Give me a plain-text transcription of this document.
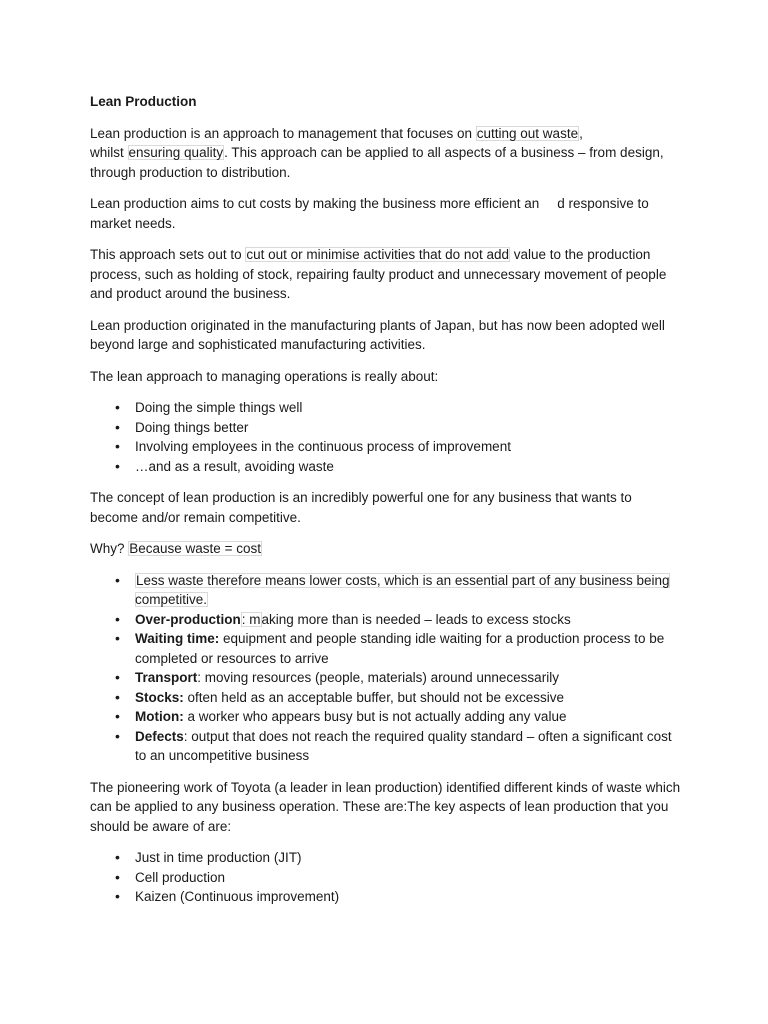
Lean Production

Lean production is an approach to management that focuses on cutting out waste,
whilst ensuring quality. This approach can be applied to all aspects of a business – from design, through production to distribution.

Lean production aims to cut costs by making the business more efficient an d responsive to market needs.

This approach sets out to cut out or minimise activities that do not add value to the production process, such as holding of stock, repairing faulty product and unnecessary movement of people and product around the business.

Lean production originated in the manufacturing plants of Japan, but has now been adopted well beyond large and sophisticated manufacturing activities.

The lean approach to managing operations is really about:

• Doing the simple things well
• Doing things better
• Involving employees in the continuous process of improvement
• …and as a result, avoiding waste

The concept of lean production is an incredibly powerful one for any business that wants to become and/or remain competitive.

Why? Because waste = cost

• Less waste therefore means lower costs, which is an essential part of any business being competitive.
• Over-production: making more than is needed – leads to excess stocks
• Waiting time: equipment and people standing idle waiting for a production process to be completed or resources to arrive
• Transport: moving resources (people, materials) around unnecessarily
• Stocks: often held as an acceptable buffer, but should not be excessive
• Motion: a worker who appears busy but is not actually adding any value
• Defects: output that does not reach the required quality standard – often a significant cost to an uncompetitive business

The pioneering work of Toyota (a leader in lean production) identified different kinds of waste which can be applied to any business operation. These are:The key aspects of lean production that you should be aware of are:

• Just in time production (JIT)
• Cell production
• Kaizen (Continuous improvement)
